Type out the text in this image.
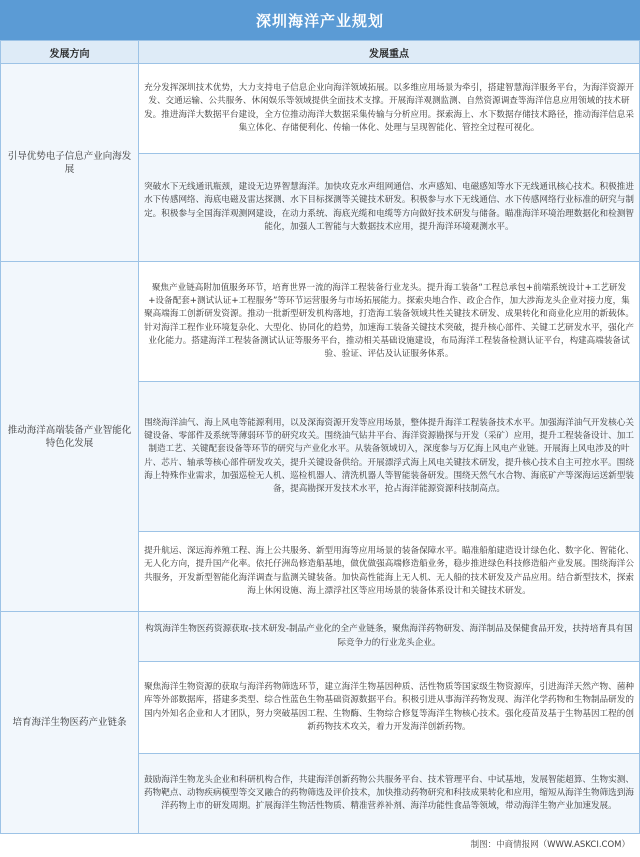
深圳海洋产业规划
发展方向	发展重点
引导优势电子信息产业向海发展	充分发挥深圳技术优势，大力支持电子信息企业向海洋领域拓展。以多维应用场景为牵引，搭建智慧海洋服务平台，为海洋资源开发、交通运输、公共服务、休闲娱乐等领域提供全面技术支撑。开展海洋观测监测、自然资源调查等海洋信息应用领域的技术研发。推进海洋大数据平台建设，全方位推动海洋大数据采集传输与分析应用。探索海上、水下数据存储技术路径，推动海洋信息采集立体化、存储便利化、传输一体化、处理与呈现智能化、管控全过程可视化。
	突破水下无线通讯瓶颈，建设无边界智慧海洋。加快攻克水声组网通信、水声感知、电磁感知等水下无线通讯核心技术。积极推进水下传感网络、海底电磁及雷达探测、水下目标探测等关键技术研发。积极参与水下无线通信、水下传感网络行业标准的研究与制定。积极参与全国海洋观测网建设，在动力系统、海底光缆和电缆等方向做好技术研发与储备。瞄准海洋环境治理数据化和检测智能化，加强人工智能与大数据技术应用，提升海洋环境观测水平。
推动海洋高端装备产业智能化特色化发展	聚焦产业链高附加值服务环节，培育世界一流的海洋工程装备行业龙头。提升海工装备“工程总承包+前端系统设计+工艺研发+设备配套+测试认证+工程服务”等环节运营服务与市场拓展能力。探索央地合作、政企合作，加大涉海龙头企业对接力度，集聚高端海工创新研发资源。推动一批新型研发机构落地，打造海工装备领域共性关键技术研发、成果转化和商业化应用的新载体。针对海洋工程作业环境复杂化、大型化、协同化的趋势，加速海工装备关键技术突破，提升核心部件、关键工艺研发水平，强化产业化能力。搭建海洋工程装备测试认证等服务平台，推动相关基础设施建设，布局海洋工程装备检测认证平台，构建高端装备试验、验证、评估及认证服务体系。
	围绕海洋油气、海上风电等能源利用，以及深海资源开发等应用场景，整体提升海洋工程装备技术水平。加强海洋油气开发核心关键设备、零部件及系统等薄弱环节的研究攻关。围绕油气钻井平台、海洋资源勘探与开发（采矿）应用，提升工程装备设计、加工制造工艺、关键配套设备等环节的研究与产业化水平。从装备领域切入，深度参与万亿海上风电产业链。开展海上风电涉及的叶片、芯片、轴承等核心部件研发攻关，提升关键设备供给。开展漂浮式海上风电关键技术研发，提升核心技术自主可控水平。围绕海上特殊作业需求，加强巡检无人机、巡检机器人、清洗机器人等智能装备研发。围绕天然气水合物、海底矿产等深海运送新型装备，提高勘探开发技术水平，抢占海洋能源资源科技制高点。
	提升航运、深远海养殖工程、海上公共服务、新型用海等应用场景的装备保障水平。瞄准船舶建造设计绿色化、数字化、智能化、无人化方向，提升国产化率。依托仔洲岛修造船基地，做优做强高端修造船业务，稳步推进绿色科技修造船产业发展。围绕海洋公共服务，开发新型智能化海洋调查与监测关键装备。加快高性能海上无人机、无人船的技术研发及产品应用。结合新型技术，探索海上休闲设施、海上漂浮社区等应用场景的装备体系设计和关键技术研发。
培育海洋生物医药产业链条	构筑海洋生物医药资源获取-技术研发-制品产业化的全产业链条，聚焦海洋药物研发、海洋制品及保健食品开发，扶持培育具有国际竞争力的行业龙头企业。
	聚焦海洋生物资源的获取与海洋药物筛选环节，建立海洋生物基因种质、活性物质等国家级生物资源库，引进海洋天然产物、菌种库等外部数据库，搭建多类型、综合性蓝色生物基础资源数据平台。积极引进从事海洋药物发现、海洋化学药物和生物制品研发的国内外知名企业和人才团队，努力突破基因工程、生物酶、生物综合修复等海洋生物核心技术。强化疫苗及基于生物基因工程的创新药物技术攻关，着力开发海洋创新药物。
	鼓励海洋生物龙头企业和科研机构合作，共建海洋创新药物公共服务平台、技术管理平台、中试基地，发展智能超算、生物实测、药物靶点、动物疾病模型等交叉融合的药物筛选及评价技术，加快推动药物研究和科技成果转化和应用，缩短从海洋生物筛选到海洋药物上市的研发周期。扩展海洋生物活性物质、精准营养补剂、海洋功能性食品等领域，带动海洋生物产业加速发展。
制图：中商情报网（WWW.ASKCI.COM）
